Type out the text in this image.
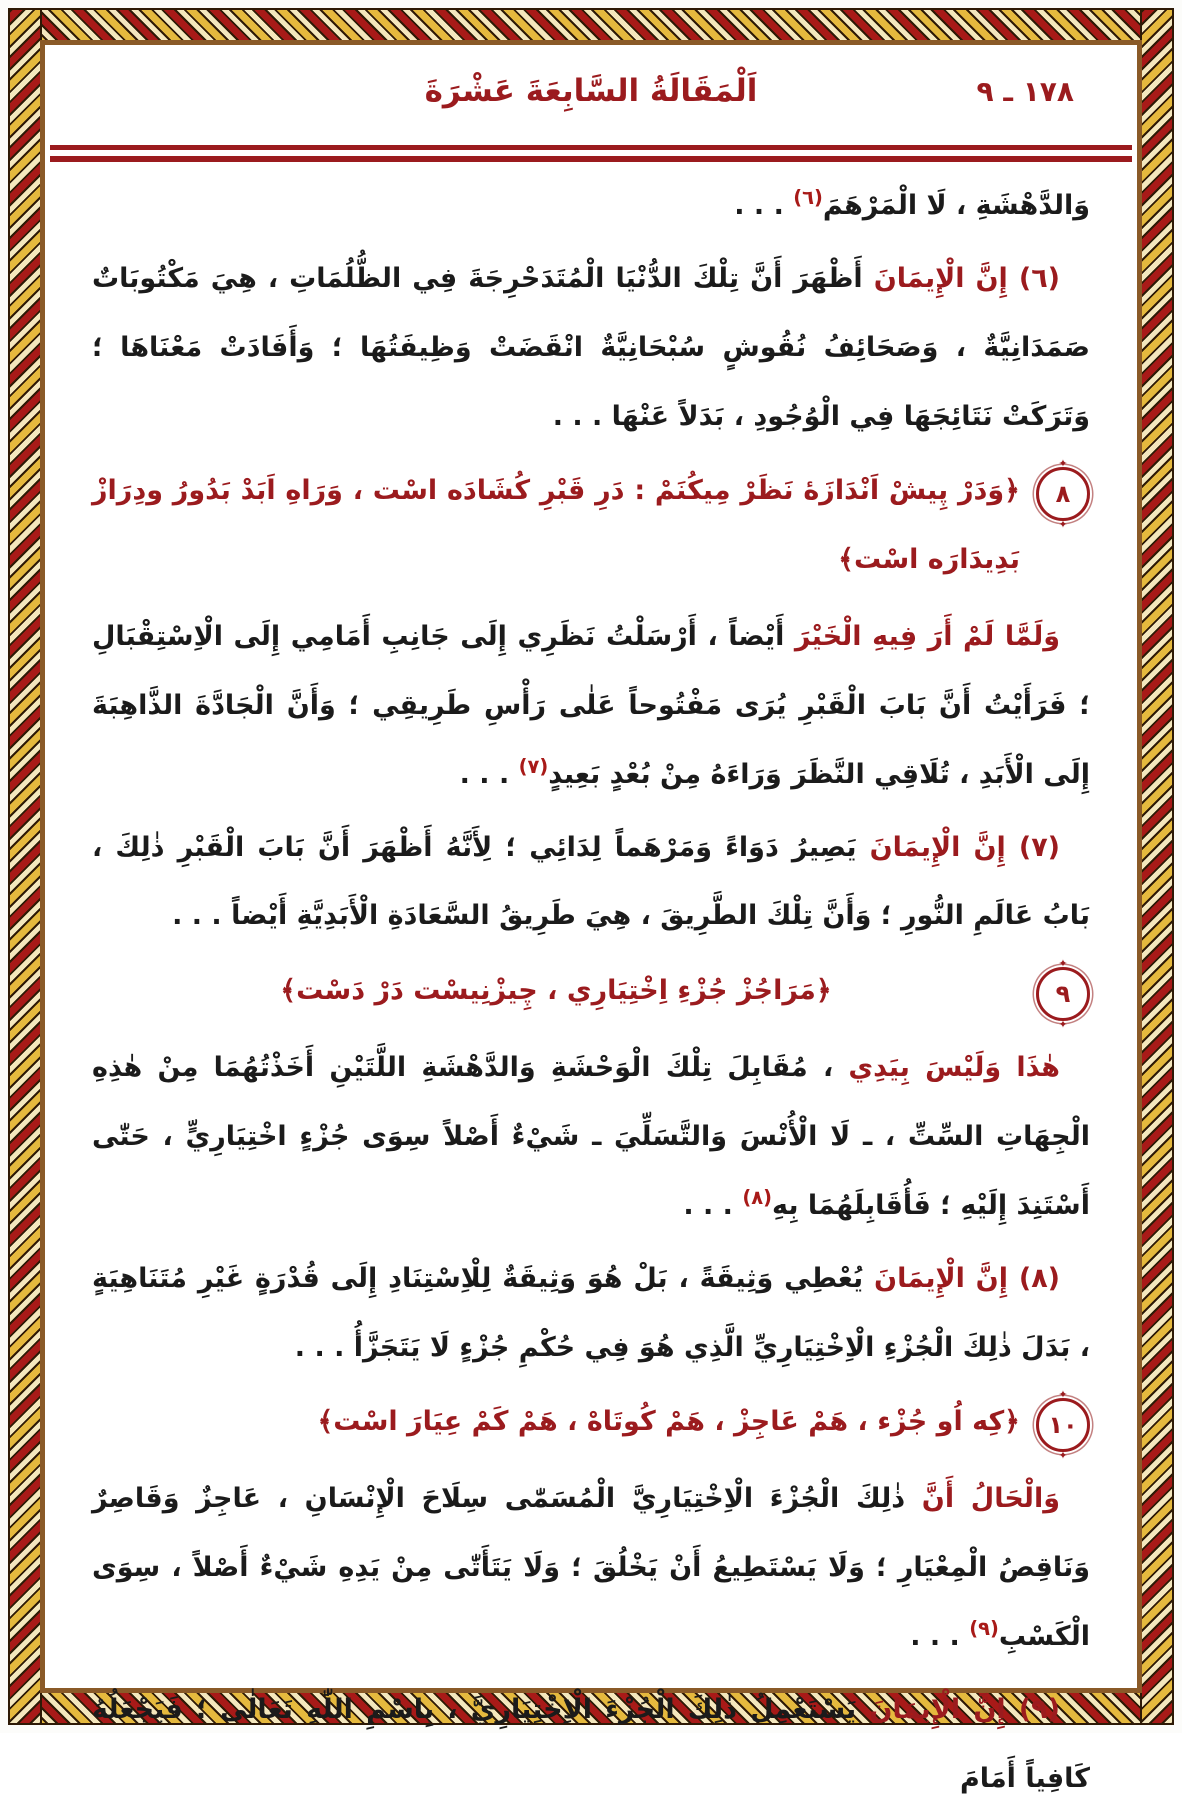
١٧٨ ـ ٩
اَلْمَقَالَةُ السَّابِعَةَ عَشْرَةَ

وَالدَّهْشَةِ ، لَا الْمَرْهَمَ$^{(٦)}$ . . .

(٦) إِنَّ الْإِيمَانَ أَظْهَرَ أَنَّ تِلْكَ الدُّنْيَا الْمُتَدَحْرِجَةَ فِي الظُّلُمَاتِ ، هِيَ مَكْتُوبَاتٌ صَمَدَانِيَّةٌ ، وَصَحَائِفُ نُقُوشٍ سُبْحَانِيَّةٌ انْقَضَتْ وَظِيفَتُهَا ؛ وَأَفَادَتْ مَعْنَاهَا ؛ وَتَرَكَتْ نَتَائِجَهَا فِي الْوُجُودِ ، بَدَلاً عَنْهَا . . .

✦ ٨ ✦
﴿وَدَرْ پِيشْ اَنْدَازَهٔ نَظَرْ مِيكُنَمْ : دَرِ قَبْرِ كُشَادَه اسْت ، وَرَاهِ اَبَدْ بَدُورُ ودِرَازْ بَدِيدَارَه اسْت﴾

وَلَمَّا لَمْ أَرَ فِيهِ الْخَيْرَ أَيْضاً ، أَرْسَلْتُ نَظَرِي إِلَى جَانِبِ أَمَامِي إِلَى الْاِسْتِقْبَالِ ؛ فَرَأَيْتُ أَنَّ بَابَ الْقَبْرِ يُرَى مَفْتُوحاً عَلٰى رَأْسِ طَرِيقِي ؛ وَأَنَّ الْجَادَّةَ الذَّاهِبَةَ إِلَى الْأَبَدِ ، تُلَاقِي النَّظَرَ وَرَاءَهُ مِنْ بُعْدٍ بَعِيدٍ$^{(٧)}$ . . .

(٧) إِنَّ الْإِيمَانَ يَصِيرُ دَوَاءً وَمَرْهَماً لِدَائِي ؛ لِأَنَّهُ أَظْهَرَ أَنَّ بَابَ الْقَبْرِ ذٰلِكَ ، بَابُ عَالَمِ النُّورِ ؛ وَأَنَّ تِلْكَ الطَّرِيقَ ، هِيَ طَرِيقُ السَّعَادَةِ الْأَبَدِيَّةِ أَيْضاً . . .

✦ ٩ ✦
﴿مَرَاجُزْ جُزْءِ اِخْتِيَارِي ، چِيزْنِيسْت دَرْ دَسْت﴾

هٰذَا وَلَيْسَ بِيَدِي ، مُقَابِلَ تِلْكَ الْوَحْشَةِ وَالدَّهْشَةِ اللَّتَيْنِ أَخَذْتُهُمَا مِنْ هٰذِهِ الْجِهَاتِ السِّتِّ ، ـ لَا الْأُنْسَ وَالتَّسَلِّيَ ـ شَيْءٌ أَصْلاً سِوَى جُزْءٍ اخْتِيَارِيٍّ ، حَتّٰى أَسْتَنِدَ إِلَيْهِ ؛ فَأُقَابِلَهُمَا بِهِ$^{(٨)}$ . . .

(٨) إِنَّ الْإِيمَانَ يُعْطِي وَثِيقَةً ، بَلْ هُوَ وَثِيقَةٌ لِلْاِسْتِنَادِ إِلَى قُدْرَةٍ غَيْرِ مُتَنَاهِيَةٍ ، بَدَلَ ذٰلِكَ الْجُزْءِ الْاِخْتِيَارِيِّ الَّذِي هُوَ فِي حُكْمِ جُزْءٍ لَا يَتَجَزَّأُ . . .

✦ ١٠ ✦
﴿كِه اُو جُزْء ، هَمْ عَاجِزْ ، هَمْ كُوتَاهْ ، هَمْ كَمْ عِيَارَ اسْت﴾

وَالْحَالُ أَنَّ ذٰلِكَ الْجُزْءَ الْاِخْتِيَارِيَّ الْمُسَمّٰى سِلَاحَ الْإِنْسَانِ ، عَاجِزٌ وَقَاصِرٌ وَنَاقِصُ الْمِعْيَارِ ؛ وَلَا يَسْتَطِيعُ أَنْ يَخْلُقَ ؛ وَلَا يَتَأَتّٰى مِنْ يَدِهِ شَيْءٌ أَصْلاً ، سِوَى الْكَسْبِ$^{(٩)}$ . . .

(٩) إِنَّ الْإِيمَانَ يَسْتَعْمِلُ ذٰلِكَ الْجُزْءَ الْاِخْتِيَارِيَّ ، بِاسْمِ اللّٰهِ تَعَالٰى ؛ فَيَجْعَلُهُ كَافِياً أَمَامَ
